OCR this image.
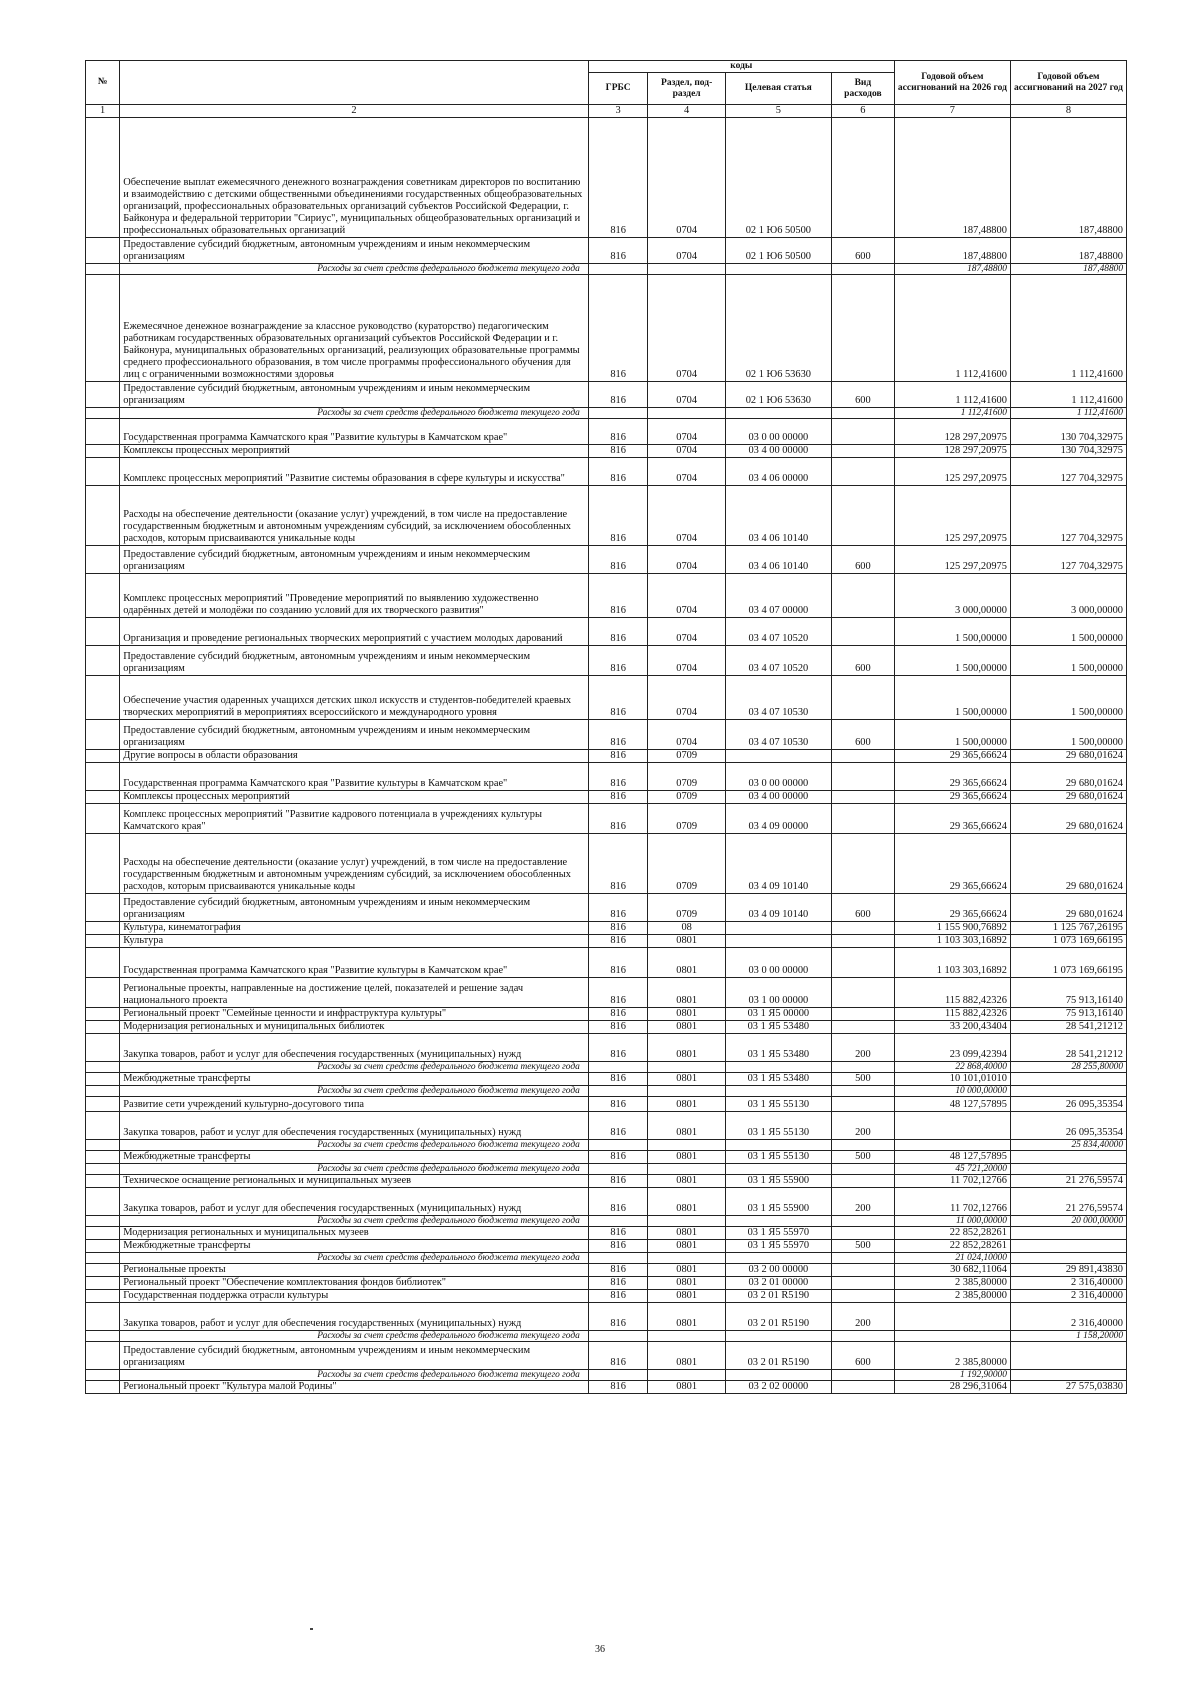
№		коды				Годовой объем ассигнований на 2026 год	Годовой объем ассигнований на 2027 год
		ГРБС	Раздел, под-раздел	Целевая статья	Вид расходов		
1	2	3	4	5	6	7	8
	Обеспечение выплат ежемесячного денежного вознаграждения советникам директоров по воспитанию и взаимодействию с детскими общественными объединениями государственных общеобразовательных организаций, профессиональных образовательных организаций субъектов Российской Федерации, г. Байконура и федеральной территории "Сириус", муниципальных общеобразовательных организаций и профессиональных образовательных организаций	816	0704	02 1 Ю6 50500		187,48800	187,48800
	Предоставление субсидий бюджетным, автономным учреждениям и иным некоммерческим организациям	816	0704	02 1 Ю6 50500	600	187,48800	187,48800
	Расходы за счет средств федерального бюджета текущего года					187,48800	187,48800
	Ежемесячное денежное вознаграждение за классное руководство (кураторство) педагогическим работникам государственных образовательных организаций субъектов Российской Федерации и г. Байконура, муниципальных образовательных организаций, реализующих образовательные программы среднего профессионального образования, в том числе программы профессионального обучения для лиц с ограниченными возможностями здоровья	816	0704	02 1 Ю6 53630		1 112,41600	1 112,41600
	Предоставление субсидий бюджетным, автономным учреждениям и иным некоммерческим организациям	816	0704	02 1 Ю6 53630	600	1 112,41600	1 112,41600
	Расходы за счет средств федерального бюджета текущего года					1 112,41600	1 112,41600
	Государственная программа Камчатского края "Развитие культуры в Камчатском крае"	816	0704	03 0 00 00000		128 297,20975	130 704,32975
	Комплексы процессных мероприятий	816	0704	03 4 00 00000		128 297,20975	130 704,32975
	Комплекс процессных мероприятий "Развитие системы образования в сфере культуры и искусства"	816	0704	03 4 06 00000		125 297,20975	127 704,32975
	Расходы на обеспечение деятельности (оказание услуг) учреждений, в том числе на предоставление государственным бюджетным и автономным учреждениям субсидий, за исключением обособленных расходов, которым присваиваются уникальные коды	816	0704	03 4 06 10140		125 297,20975	127 704,32975
	Предоставление субсидий бюджетным, автономным учреждениям и иным некоммерческим организациям	816	0704	03 4 06 10140	600	125 297,20975	127 704,32975
	Комплекс процессных мероприятий "Проведение мероприятий по выявлению художественно одарённых детей и молодёжи по созданию условий для их творческого развития"	816	0704	03 4 07 00000		3 000,00000	3 000,00000
	Организация и проведение региональных творческих мероприятий с участием молодых дарований	816	0704	03 4 07 10520		1 500,00000	1 500,00000
	Предоставление субсидий бюджетным, автономным учреждениям и иным некоммерческим организациям	816	0704	03 4 07 10520	600	1 500,00000	1 500,00000
	Обеспечение участия одаренных учащихся детских школ искусств и студентов-победителей краевых творческих мероприятий в мероприятиях всероссийского и международного уровня	816	0704	03 4 07 10530		1 500,00000	1 500,00000
	Предоставление субсидий бюджетным, автономным учреждениям и иным некоммерческим организациям	816	0704	03 4 07 10530	600	1 500,00000	1 500,00000
	Другие вопросы в области образования	816	0709			29 365,66624	29 680,01624
	Государственная программа Камчатского края "Развитие культуры в Камчатском крае"	816	0709	03 0 00 00000		29 365,66624	29 680,01624
	Комплексы процессных мероприятий	816	0709	03 4 00 00000		29 365,66624	29 680,01624
	Комплекс процессных мероприятий "Развитие кадрового потенциала в учреждениях культуры Камчатского края"	816	0709	03 4 09 00000		29 365,66624	29 680,01624
	Расходы на обеспечение деятельности (оказание услуг) учреждений, в том числе на предоставление государственным бюджетным и автономным учреждениям субсидий, за исключением обособленных расходов, которым присваиваются уникальные коды	816	0709	03 4 09 10140		29 365,66624	29 680,01624
	Предоставление субсидий бюджетным, автономным учреждениям и иным некоммерческим организациям	816	0709	03 4 09 10140	600	29 365,66624	29 680,01624
	Культура, кинематография	816	08			1 155 900,76892	1 125 767,26195
	Культура	816	0801			1 103 303,16892	1 073 169,66195
	Государственная программа Камчатского края "Развитие культуры в Камчатском крае"	816	0801	03 0 00 00000		1 103 303,16892	1 073 169,66195
	Региональные проекты, направленные на достижение целей, показателей и решение задач национального проекта	816	0801	03 1 00 00000		115 882,42326	75 913,16140
	Региональный проект "Семейные ценности и инфраструктура культуры"	816	0801	03 1 Я5 00000		115 882,42326	75 913,16140
	Модернизация региональных и муниципальных библиотек	816	0801	03 1 Я5 53480		33 200,43404	28 541,21212
	Закупка товаров, работ и услуг для обеспечения государственных (муниципальных) нужд	816	0801	03 1 Я5 53480	200	23 099,42394	28 541,21212
	Расходы за счет средств федерального бюджета текущего года					22 868,40000	28 255,80000
	Межбюджетные трансферты	816	0801	03 1 Я5 53480	500	10 101,01010	
	Расходы за счет средств федерального бюджета текущего года					10 000,00000	
	Развитие сети учреждений культурно-досугового типа	816	0801	03 1 Я5 55130		48 127,57895	26 095,35354
	Закупка товаров, работ и услуг для обеспечения государственных (муниципальных) нужд	816	0801	03 1 Я5 55130	200		26 095,35354
	Расходы за счет средств федерального бюджета текущего года						25 834,40000
	Межбюджетные трансферты	816	0801	03 1 Я5 55130	500	48 127,57895	
	Расходы за счет средств федерального бюджета текущего года					45 721,20000	
	Техническое оснащение региональных и муниципальных музеев	816	0801	03 1 Я5 55900		11 702,12766	21 276,59574
	Закупка товаров, работ и услуг для обеспечения государственных (муниципальных) нужд	816	0801	03 1 Я5 55900	200	11 702,12766	21 276,59574
	Расходы за счет средств федерального бюджета текущего года					11 000,00000	20 000,00000
	Модернизация региональных и муниципальных музеев	816	0801	03 1 Я5 55970		22 852,28261	
	Межбюджетные трансферты	816	0801	03 1 Я5 55970	500	22 852,28261	
	Расходы за счет средств федерального бюджета текущего года					21 024,10000	
	Региональные проекты	816	0801	03 2 00 00000		30 682,11064	29 891,43830
	Региональный проект "Обеспечение комплектования фондов библиотек"	816	0801	03 2 01 00000		2 385,80000	2 316,40000
	Государственная поддержка отрасли культуры	816	0801	03 2 01 R5190		2 385,80000	2 316,40000
	Закупка товаров, работ и услуг для обеспечения государственных (муниципальных) нужд	816	0801	03 2 01 R5190	200		2 316,40000
	Расходы за счет средств федерального бюджета текущего года						1 158,20000
	Предоставление субсидий бюджетным, автономным учреждениям и иным некоммерческим организациям	816	0801	03 2 01 R5190	600	2 385,80000	
	Расходы за счет средств федерального бюджета текущего года					1 192,90000	
	Региональный проект "Культура малой Родины"	816	0801	03 2 02 00000		28 296,31064	27 575,03830
36
